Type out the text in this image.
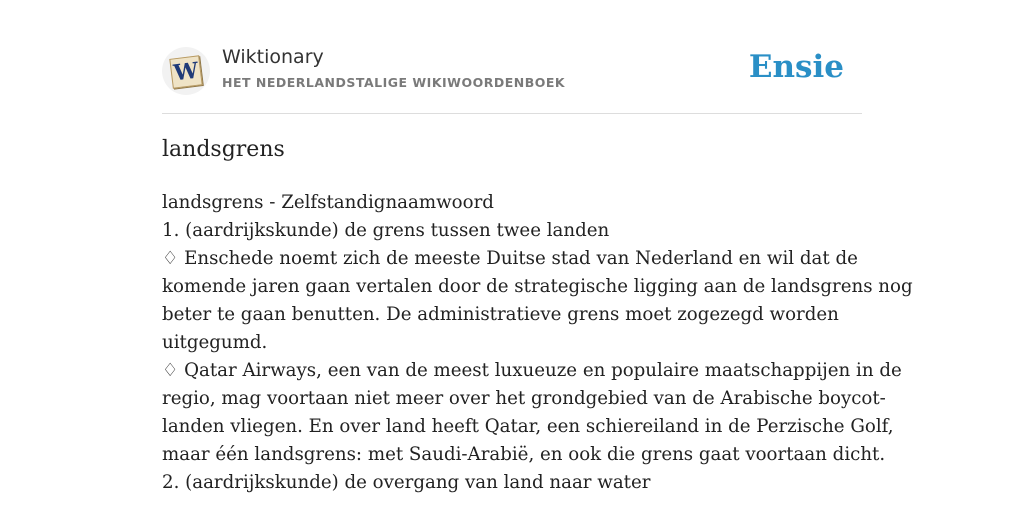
W
Wiktionary
HET NEDERLANDSTALIGE WIKIWOORDENBOEK	Ensie
landsgrens
landsgrens - Zelfstandignaamwoord
1. (aardrijkskunde) de grens tussen twee landen
♢ Enschede noemt zich de meeste Duitse stad van Nederland en wil dat de
komende jaren gaan vertalen door de strategische ligging aan de landsgrens nog
beter te gaan benutten. De administratieve grens moet zogezegd worden
uitgegumd.
♢ Qatar Airways, een van de meest luxueuze en populaire maatschappijen in de
regio, mag voortaan niet meer over het grondgebied van de Arabische boycot-
landen vliegen. En over land heeft Qatar, een schiereiland in de Perzische Golf,
maar één landsgrens: met Saudi-Arabië, en ook die grens gaat voortaan dicht.
2. (aardrijkskunde) de overgang van land naar water
